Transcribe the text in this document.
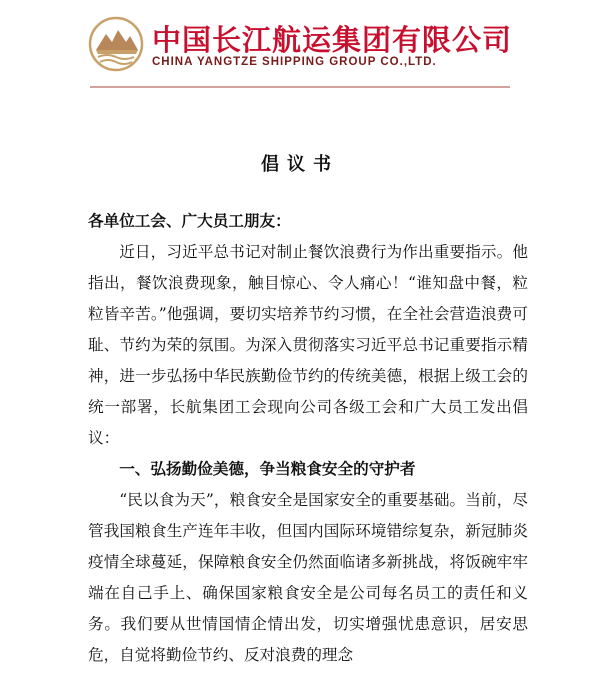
中国长江航运集团有限公司
CHINA YANGTZE SHIPPING GROUP CO.,LTD.
倡议书

各单位工会、广大员工朋友：

近日，习近平总书记对制止餐饮浪费行为作出重要指示。他指出，餐饮浪费现象，触目惊心、令人痛心！“谁知盘中餐，粒粒皆辛苦。”他强调，要切实培养节约习惯，在全社会营造浪费可耻、节约为荣的氛围。为深入贯彻落实习近平总书记重要指示精神，进一步弘扬中华民族勤俭节约的传统美德，根据上级工会的统一部署，长航集团工会现向公司各级工会和广大员工发出倡议：

一、弘扬勤俭美德，争当粮食安全的守护者

“民以食为天”，粮食安全是国家安全的重要基础。当前，尽管我国粮食生产连年丰收，但国内国际环境错综复杂，新冠肺炎疫情全球蔓延，保障粮食安全仍然面临诸多新挑战，将饭碗牢牢端在自己手上、确保国家粮食安全是公司每名员工的责任和义务。我们要从世情国情企情出发，切实增强忧患意识，居安思危，自觉将勤俭节约、反对浪费的理念
